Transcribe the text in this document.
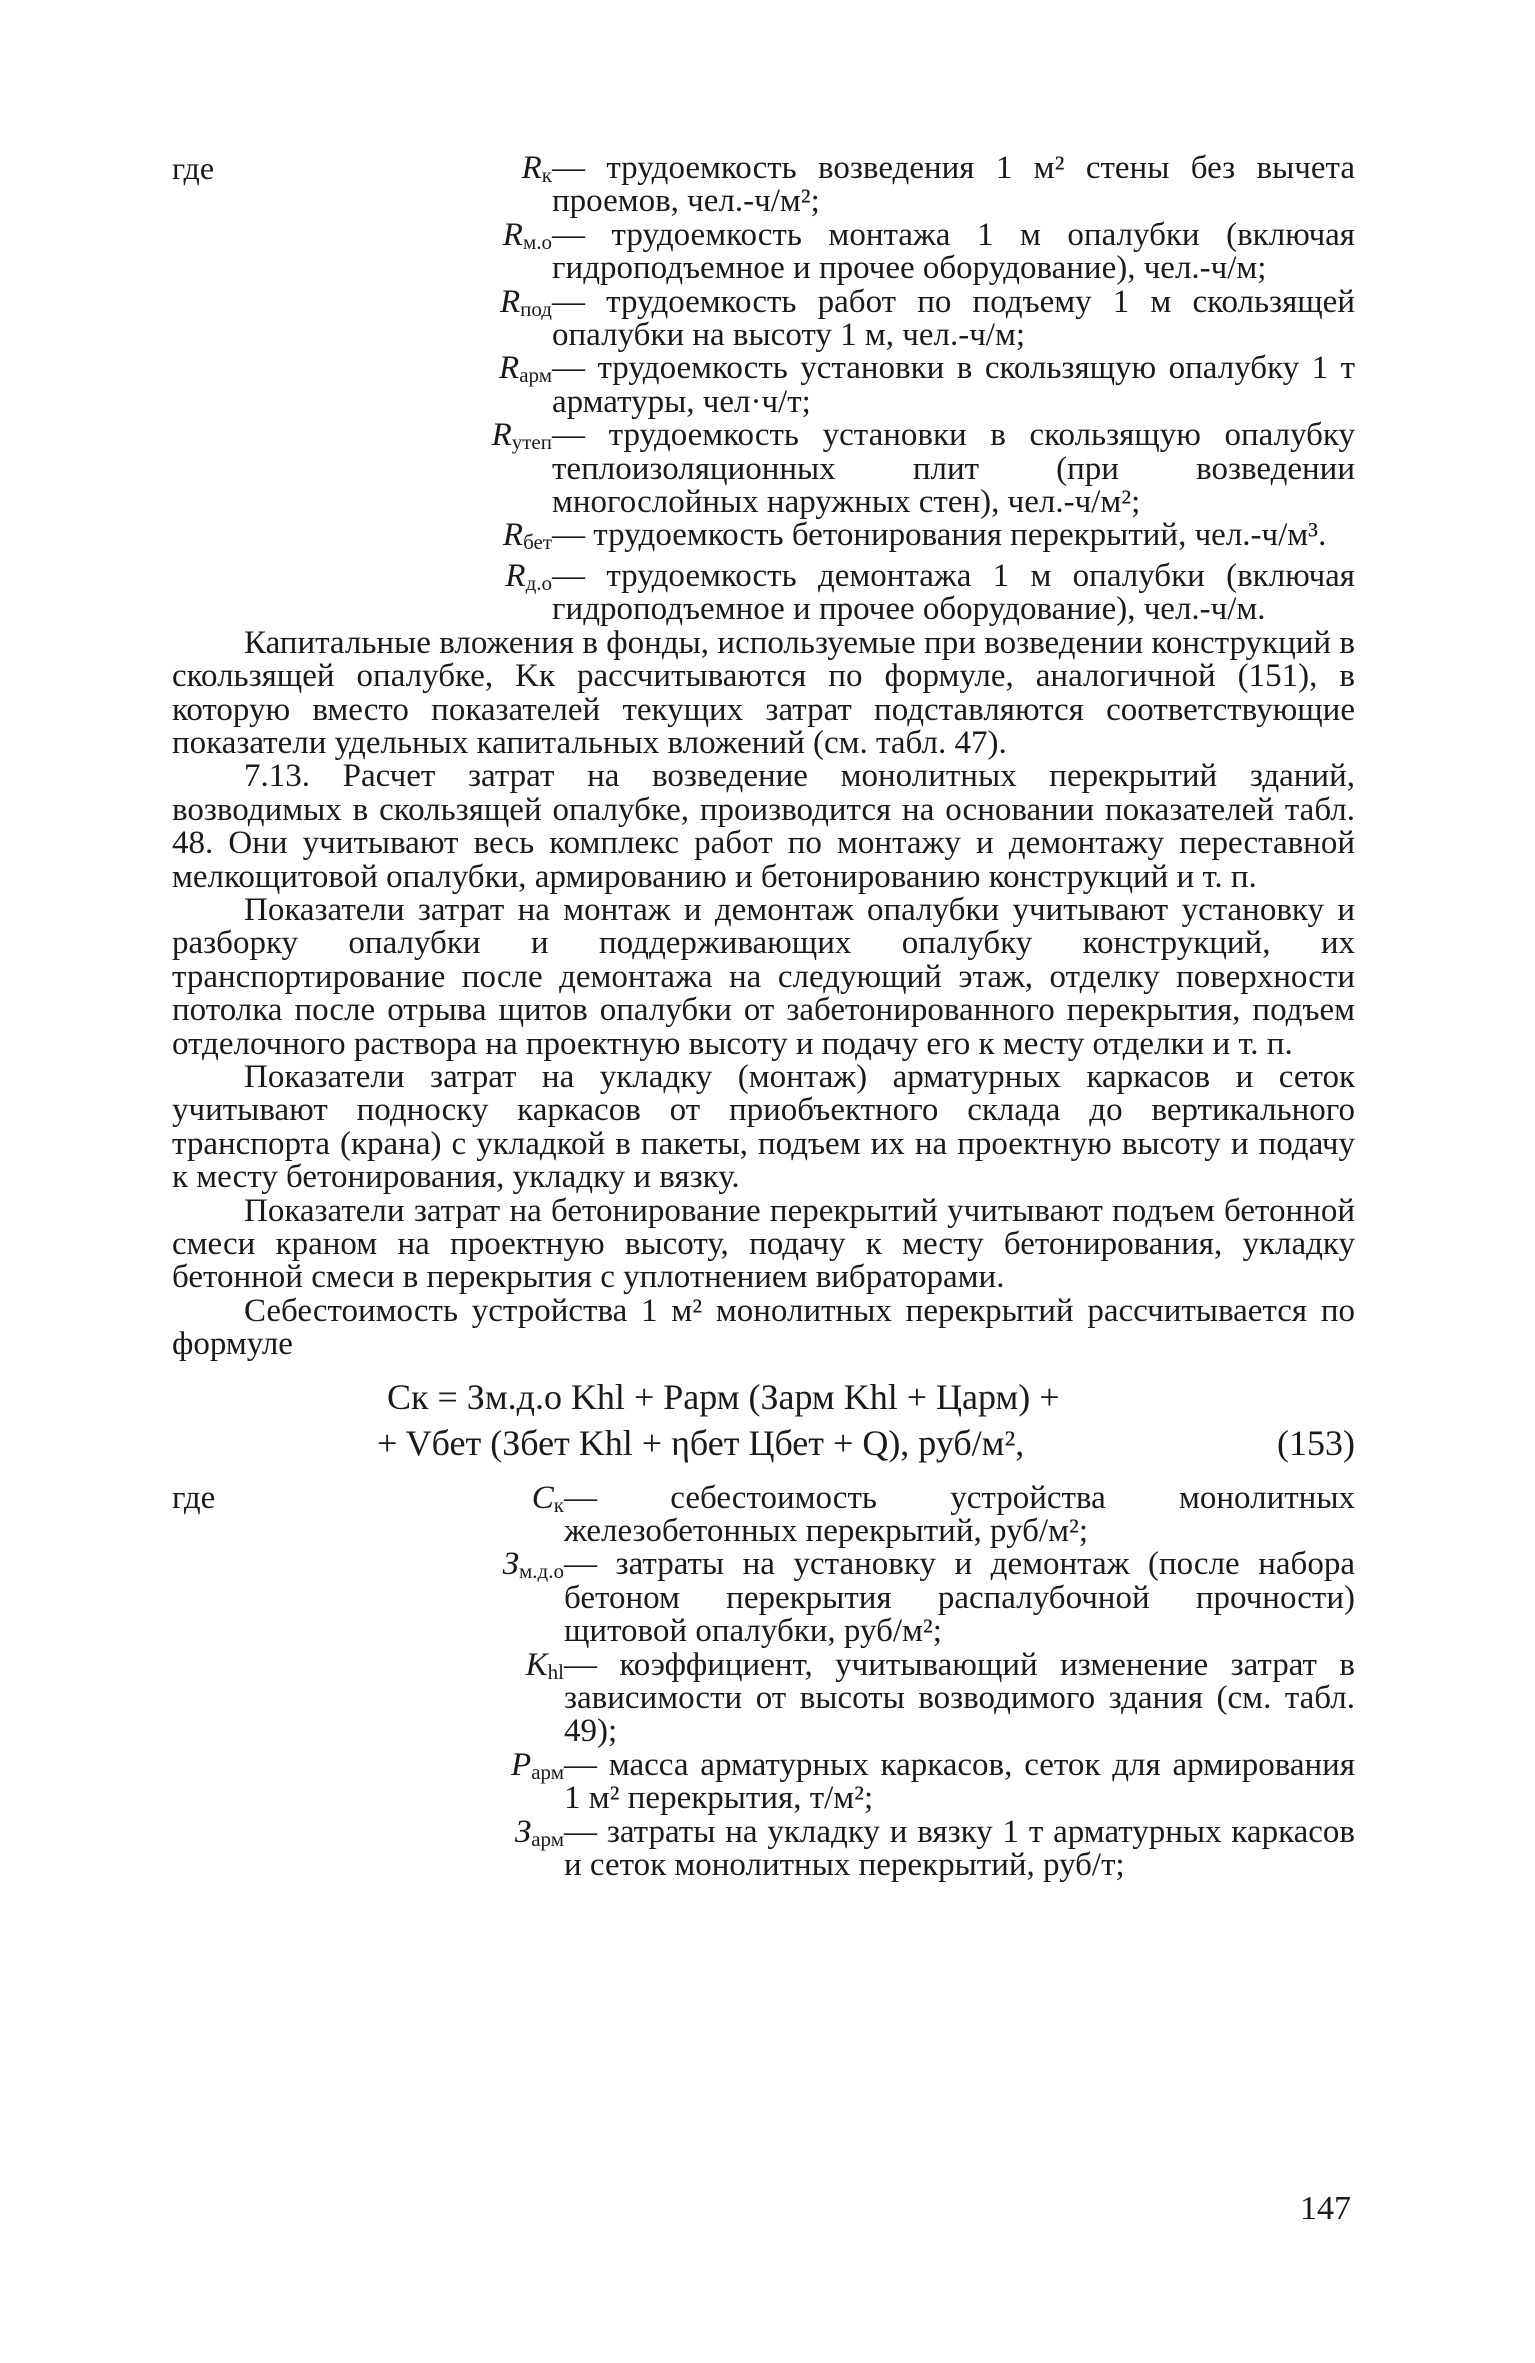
где	$R_к$ — трудоемкость возведения 1 м² стены без вычета проемов, чел.-ч/м²;
$R_{м.о}$ — трудоемкость монтажа 1 м опалубки (включая гидроподъемное и прочее оборудование), чел.-ч/м;
$R_{под}$ — трудоемкость работ по подъему 1 м скользящей опалубки на высоту 1 м, чел.-ч/м;
$R_{арм}$ — трудоемкость установки в скользящую опалубку 1 т арматуры, чел·ч/т;
$R_{утеп}$ — трудоемкость установки в скользящую опалубку теплоизоляционных плит (при возведении многослойных наружных стен), чел.-ч/м²;
$R_{бет}$ — трудоемкость бетонирования перекрытий, чел.-ч/м³.
$R_{д.о}$ — трудоемкость демонтажа 1 м опалубки (включая гидроподъемное и прочее оборудование), чел.-ч/м.

Капитальные вложения в фонды, используемые при возведении конструкций в скользящей опалубке, Kк рассчитываются по формуле, аналогичной (151), в которую вместо показателей текущих затрат подставляются соответствующие показатели удельных капитальных вложений (см. табл. 47).

7.13. Расчет затрат на возведение монолитных перекрытий зданий, возводимых в скользящей опалубке, производится на основании показателей табл. 48. Они учитывают весь комплекс работ по монтажу и демонтажу переставной мелкощитовой опалубки, армированию и бетонированию конструкций и т. п.

Показатели затрат на монтаж и демонтаж опалубки учитывают установку и разборку опалубки и поддерживающих опалубку конструкций, их транспортирование после демонтажа на следующий этаж, отделку поверхности потолка после отрыва щитов опалубки от забетонированного перекрытия, подъем отделочного раствора на проектную высоту и подачу его к месту отделки и т. п.

Показатели затрат на укладку (монтаж) арматурных каркасов и сеток учитывают подноску каркасов от приобъектного склада до вертикального транспорта (крана) с укладкой в пакеты, подъем их на проектную высоту и подачу к месту бетонирования, укладку и вязку.

Показатели затрат на бетонирование перекрытий учитывают подъем бетонной смеси краном на проектную высоту, подачу к месту бетонирования, укладку бетонной смеси в перекрытия с уплотнением вибраторами.

Себестоимость устройства 1 м² монолитных перекрытий рассчитывается по формуле

Cк = Зм.д.о Khl + Pарм (Зарм Khl + Царм) +
+ Vбет (Збет Khl + ηбет Цбет + Q), руб/м²,	(153)
где	$C_к$ — себестоимость устройства монолитных железобетонных перекрытий, руб/м²;
$З_{м.д.о}$ — затраты на установку и демонтаж (после набора бетоном перекрытия распалубочной прочности) щитовой опалубки, руб/м²;
$K_{hl}$ — коэффициент, учитывающий изменение затрат в зависимости от высоты возводимого здания (см. табл. 49);
$P_{арм}$ — масса арматурных каркасов, сеток для армирования 1 м² перекрытия, т/м²;
$З_{арм}$ — затраты на укладку и вязку 1 т арматурных каркасов и сеток монолитных перекрытий, руб/т;
147
